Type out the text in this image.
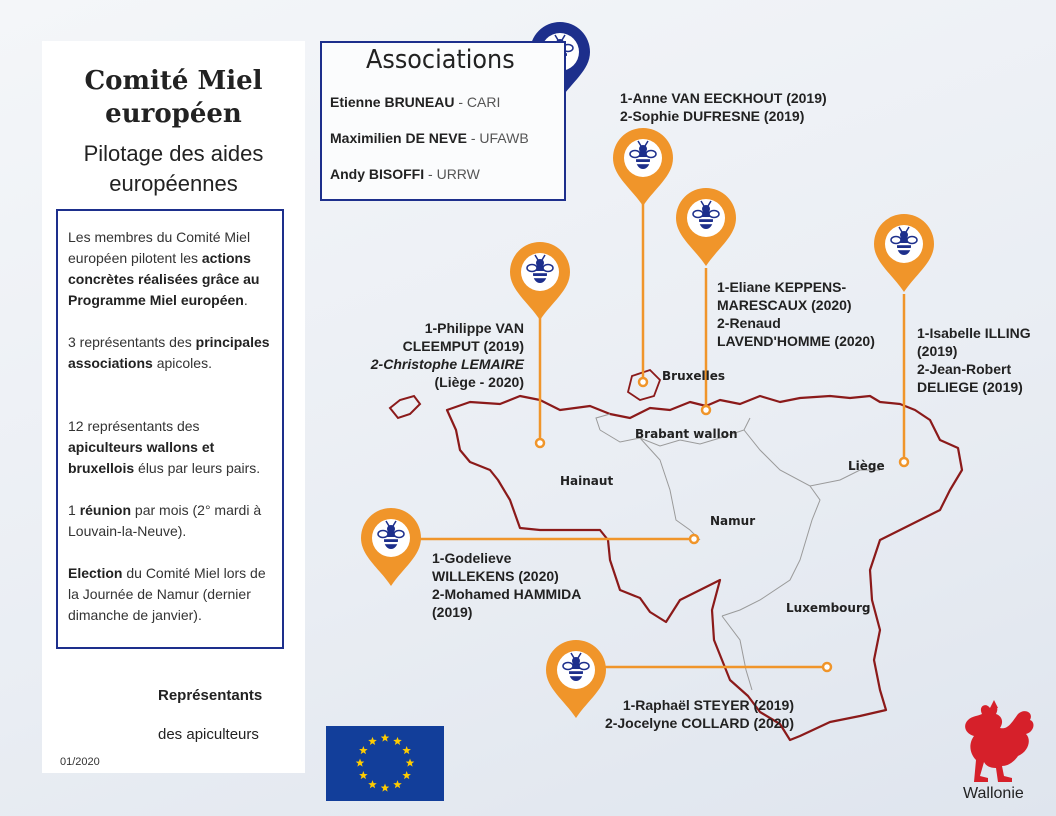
Comité Miel
européen
Pilotage des aides
européennes

Les membres du Comité Miel européen pilotent les actions concrètes réalisées grâce au Programme Miel européen.

3 représentants des principales associations apicoles.

12 représentants des apiculteurs wallons et bruxellois élus par leurs pairs.

1 réunion par mois (2° mardi à Louvain-la-Neuve).

Election du Comité Miel lors de la Journée de Namur (dernier dimanche de janvier).

Représentants
des apiculteurs
01/2020
Associations
Etienne BRUNEAU - CARI
Maximilien DE NEVE - UFAWB
Andy BISOFFI - URRW
Bruxelles
Brabant wallon
Hainaut
Namur
Liège
Luxembourg
1-Anne VAN EECKHOUT (2019)
2-Sophie DUFRESNE (2019)
1-Eliane KEPPENS-
MARESCAUX (2020)
2-Renaud
LAVEND'HOMME (2020)	1-Isabelle ILLING
(2019)
2-Jean-Robert
DELIEGE (2019)
1-Philippe VAN
CLEEMPUT (2019)
2-Christophe LEMAIRE
(Liège - 2020)
1-Godelieve
WILLEKENS (2020)
2-Mohamed HAMMIDA
(2019)
1-Raphaël STEYER (2019)
2-Jocelyne COLLARD (2020)
Wallonie
